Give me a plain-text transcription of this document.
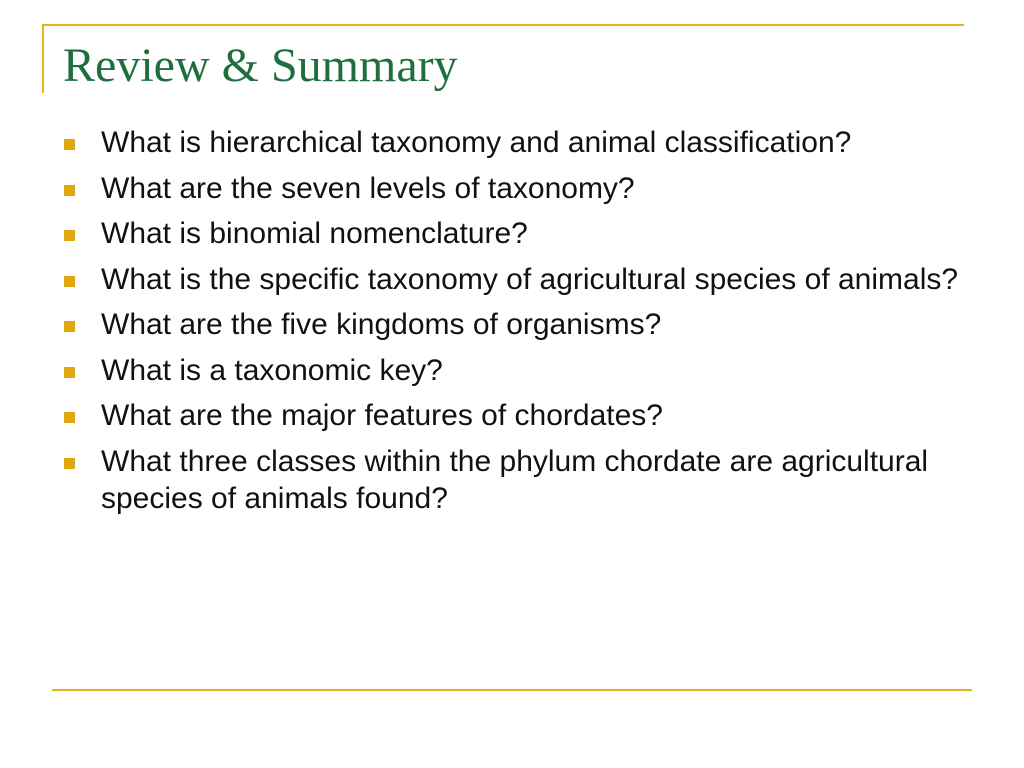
Review & Summary
What is hierarchical taxonomy and animal classification?
What are the seven levels of taxonomy?
What is binomial nomenclature?
What is the specific taxonomy of agricultural species of animals?
What are the five kingdoms of organisms?
What is a taxonomic key?
What are the major features of chordates?
What three classes within the phylum chordate are agricultural species of animals found?
